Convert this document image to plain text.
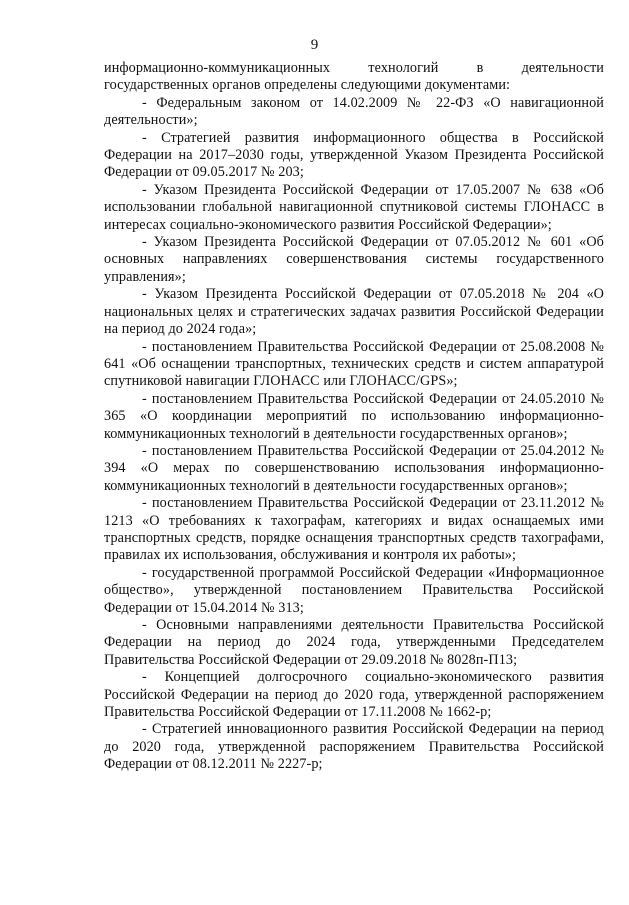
9

информационно-коммуникационных технологий в деятельности государственных органов определены следующими документами:

- Федеральным законом от 14.02.2009 № 22-ФЗ «О навигационной деятельности»;

- Стратегией развития информационного общества в Российской Федерации на 2017–2030 годы, утвержденной Указом Президента Российской Федерации от 09.05.2017 № 203;

- Указом Президента Российской Федерации от 17.05.2007 № 638 «Об использовании глобальной навигационной спутниковой системы ГЛОНАСС в интересах социально-экономического развития Российской Федерации»;

- Указом Президента Российской Федерации от 07.05.2012 № 601 «Об основных направлениях совершенствования системы государственного управления»;

- Указом Президента Российской Федерации от 07.05.2018 № 204 «О национальных целях и стратегических задачах развития Российской Федерации на период до 2024 года»;

- постановлением Правительства Российской Федерации от 25.08.2008 № 641 «Об оснащении транспортных, технических средств и систем аппаратурой спутниковой навигации ГЛОНАСС или ГЛОНАСС/GPS»;

- постановлением Правительства Российской Федерации от 24.05.2010 № 365 «О координации мероприятий по использованию информационно-коммуникационных технологий в деятельности государственных органов»;

- постановлением Правительства Российской Федерации от 25.04.2012 № 394 «О мерах по совершенствованию использования информационно-коммуникационных технологий в деятельности государственных органов»;

- постановлением Правительства Российской Федерации от 23.11.2012 № 1213 «О требованиях к тахографам, категориях и видах оснащаемых ими транспортных средств, порядке оснащения транспортных средств тахографами, правилах их использования, обслуживания и контроля их работы»;

- государственной программой Российской Федерации «Информационное общество», утвержденной постановлением Правительства Российской Федерации от 15.04.2014 № 313;

- Основными направлениями деятельности Правительства Российской Федерации на период до 2024 года, утвержденными Председателем Правительства Российской Федерации от 29.09.2018 № 8028п-П13;

- Концепцией долгосрочного социально-экономического развития Российской Федерации на период до 2020 года, утвержденной распоряжением Правительства Российской Федерации от 17.11.2008 № 1662-р;

- Стратегией инновационного развития Российской Федерации на период до 2020 года, утвержденной распоряжением Правительства Российской Федерации от 08.12.2011 № 2227-р;
